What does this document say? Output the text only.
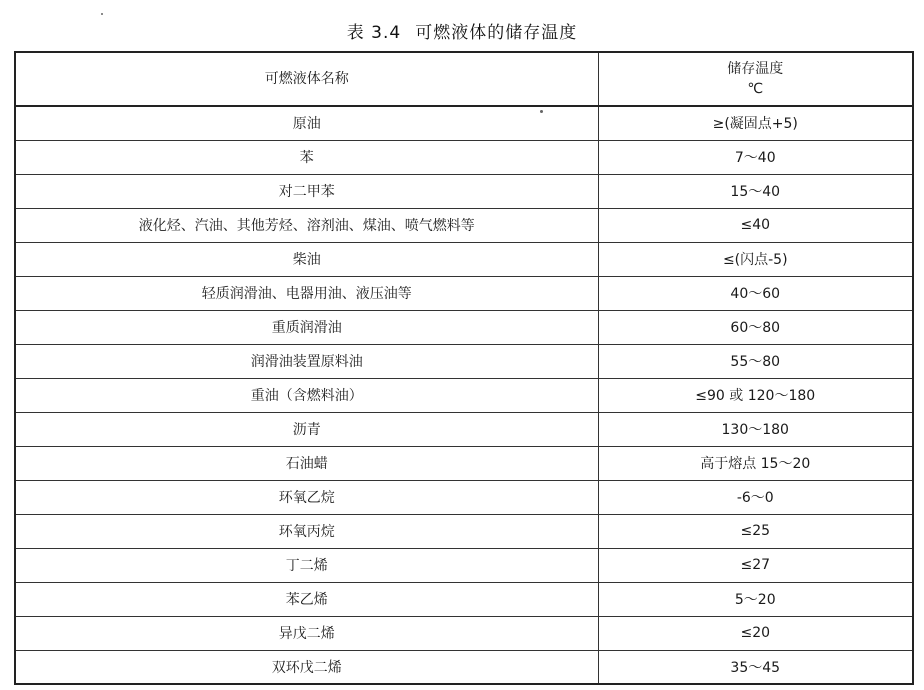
表 3.4 可燃液体的储存温度
可燃液体名称	储存温度
℃

原油	≥(凝固点+5)
苯	7～40
对二甲苯	15～40
液化烃、汽油、其他芳烃、溶剂油、煤油、喷气燃料等	≤40
柴油	≤(闪点-5)
轻质润滑油、电器用油、液压油等	40～60
重质润滑油	60～80
润滑油装置原料油	55～80
重油（含燃料油）	≤90 或 120～180
沥青	130～180
石油蜡	高于熔点 15～20
环氧乙烷	-6～0
环氧丙烷	≤25
丁二烯	≤27
苯乙烯	5～20
异戊二烯	≤20
双环戊二烯	35～45
